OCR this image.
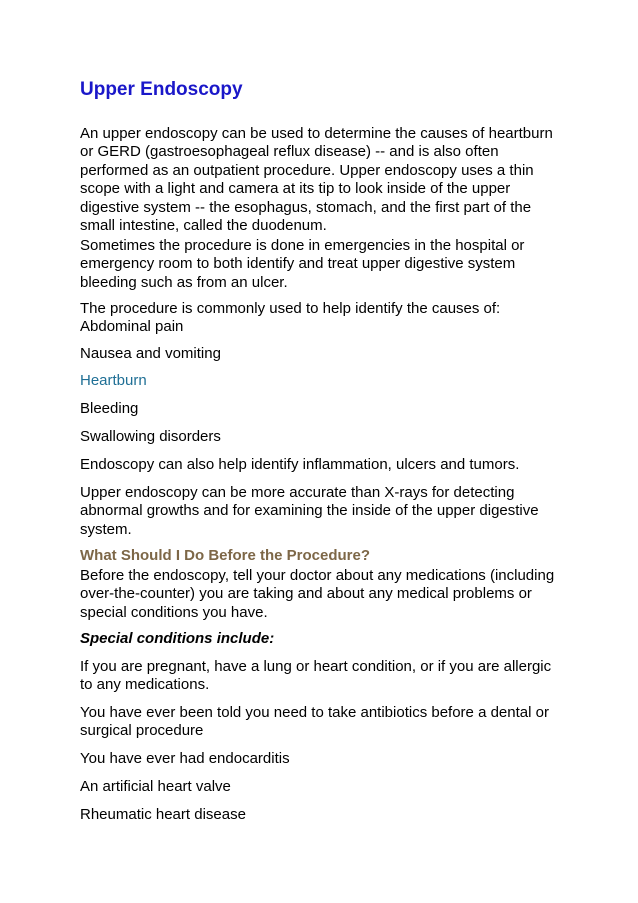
Upper Endoscopy

An upper endoscopy can be used to determine the causes of heartburn
or GERD (gastroesophageal reflux disease) -- and is also often
performed as an outpatient procedure. Upper endoscopy uses a thin
scope with a light and camera at its tip to look inside of the upper
digestive system -- the esophagus, stomach, and the first part of the
small intestine, called the duodenum.

Sometimes the procedure is done in emergencies in the hospital or
emergency room to both identify and treat upper digestive system
bleeding such as from an ulcer.

The procedure is commonly used to help identify the causes of:
Abdominal pain

Nausea and vomiting

Heartburn

Bleeding

Swallowing disorders

Endoscopy can also help identify inflammation, ulcers and tumors.

Upper endoscopy can be more accurate than X-rays for detecting
abnormal growths and for examining the inside of the upper digestive
system.

What Should I Do Before the Procedure?

Before the endoscopy, tell your doctor about any medications (including
over-the-counter) you are taking and about any medical problems or
special conditions you have.

Special conditions include:

If you are pregnant, have a lung or heart condition, or if you are allergic
to any medications.

You have ever been told you need to take antibiotics before a dental or
surgical procedure

You have ever had endocarditis

An artificial heart valve

Rheumatic heart disease
